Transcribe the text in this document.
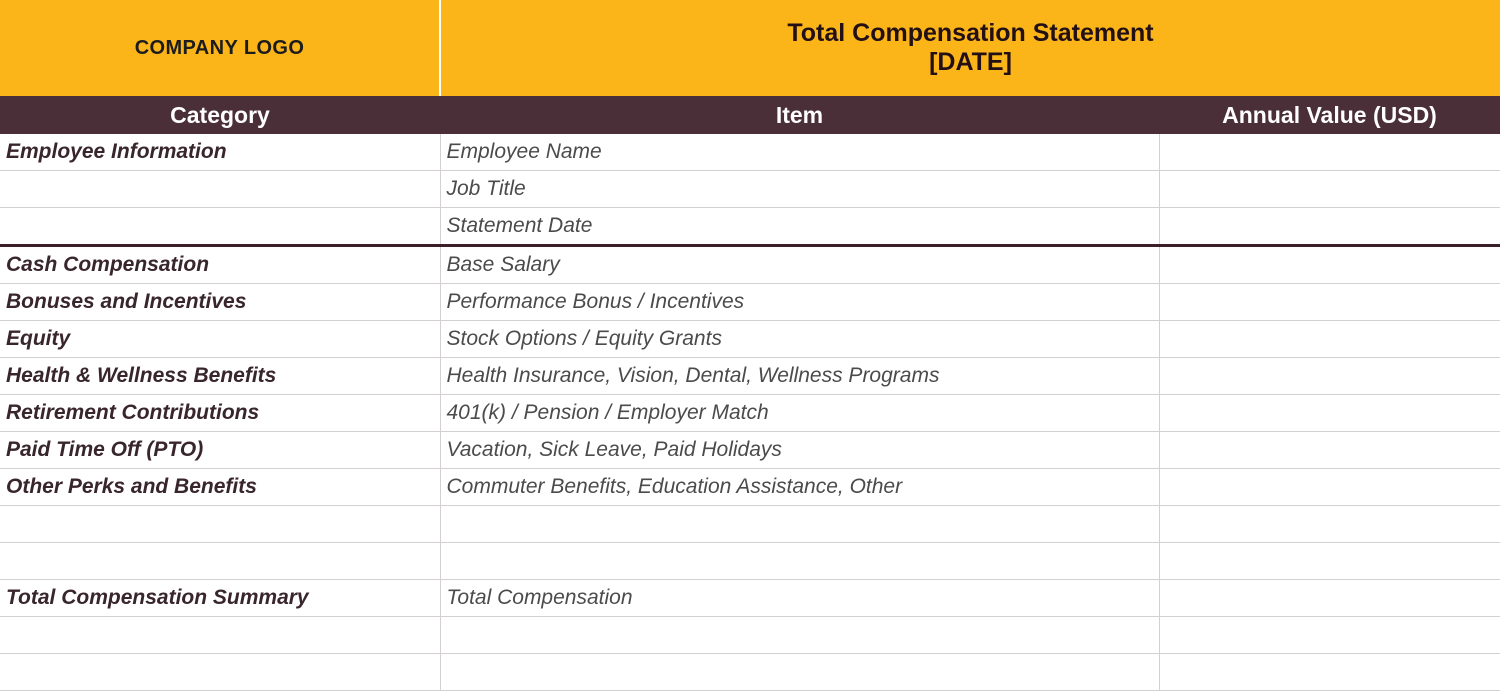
COMPANY LOGO	Total Compensation Statement
[DATE]	

Category	Item	Annual Value (USD)
Employee Information	Employee Name	
	Job Title	
	Statement Date	
Cash Compensation	Base Salary	
Bonuses and Incentives	Performance Bonus / Incentives	
Equity	Stock Options / Equity Grants	
Health & Wellness Benefits	Health Insurance, Vision, Dental, Wellness Programs	
Retirement Contributions	401(k) / Pension / Employer Match	
Paid Time Off (PTO)	Vacation, Sick Leave, Paid Holidays	
Other Perks and Benefits	Commuter Benefits, Education Assistance, Other	

Total Compensation Summary	Total Compensation	
